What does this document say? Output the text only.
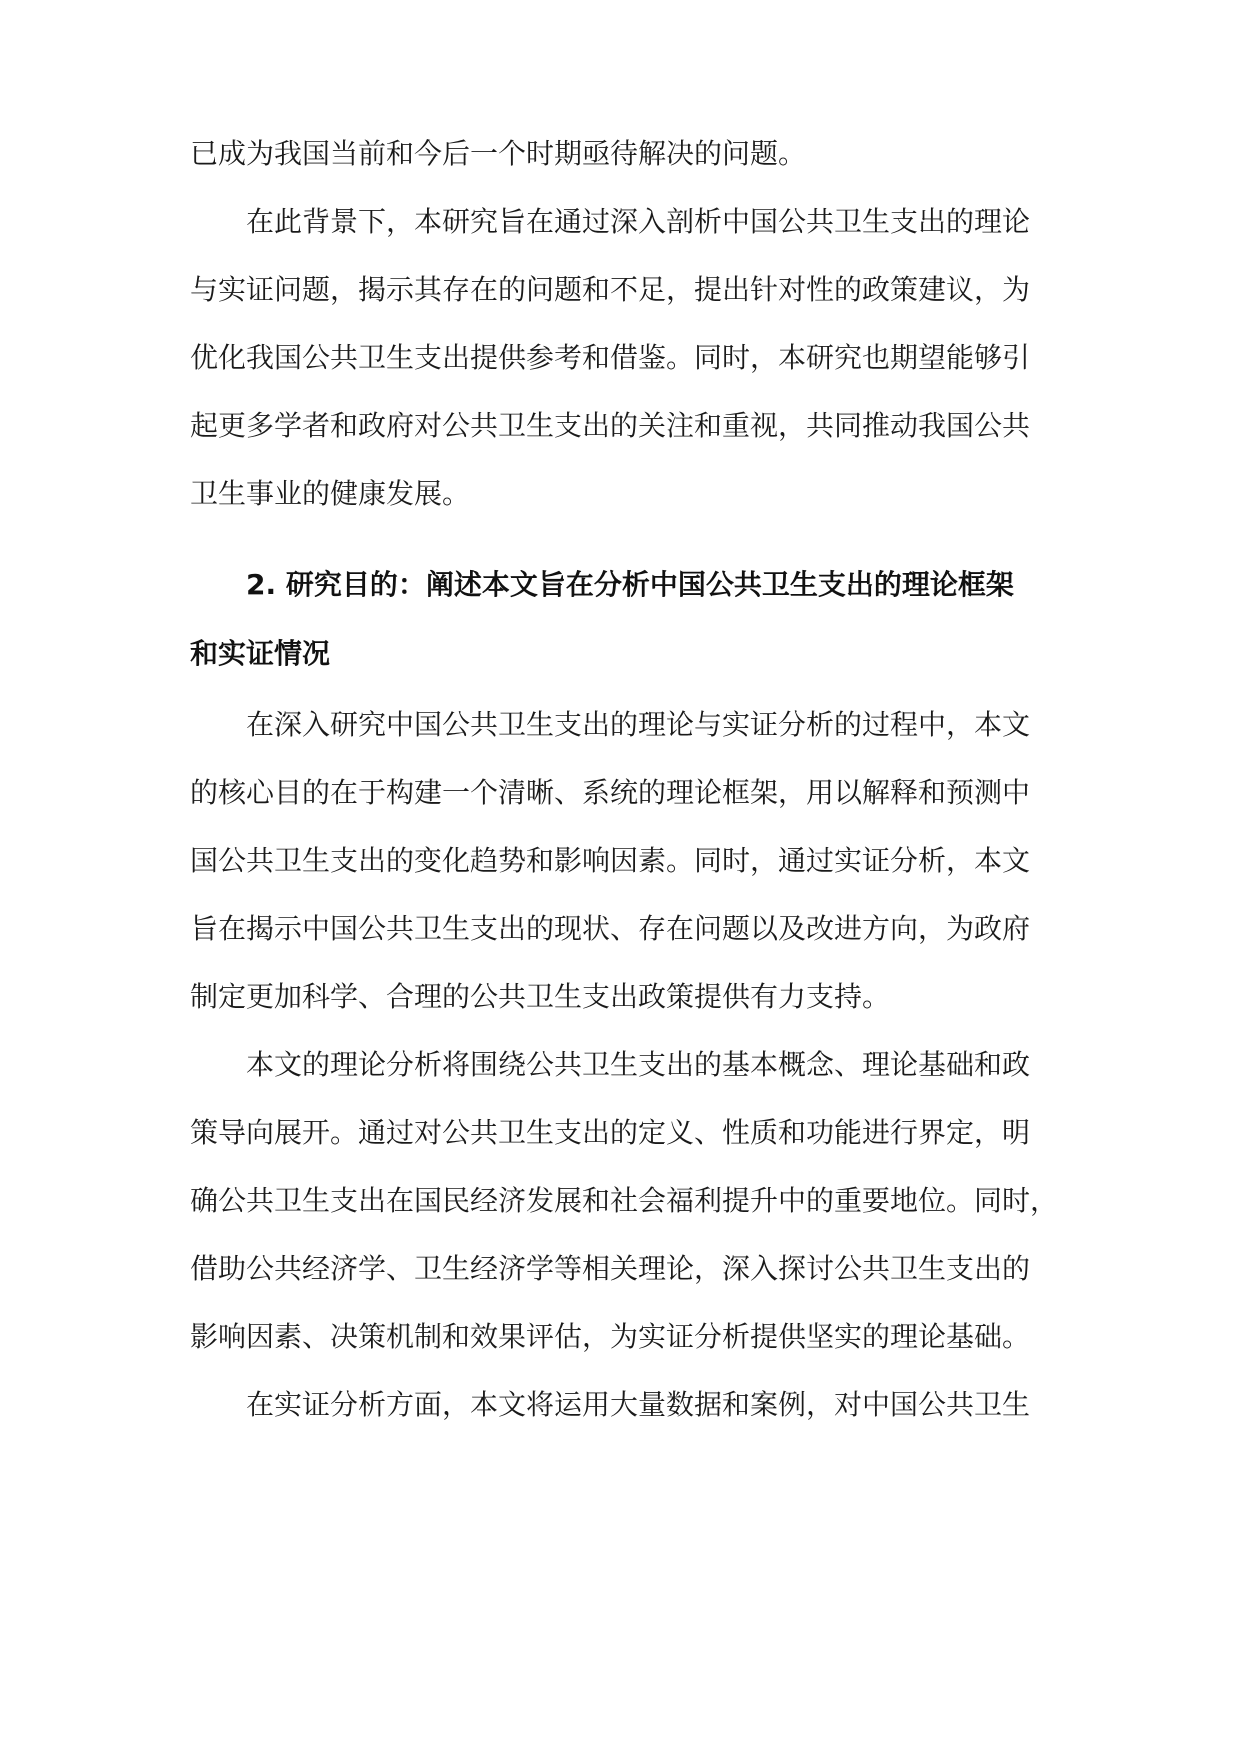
已成为我国当前和今后一个时期亟待解决的问题。
在此背景下，本研究旨在通过深入剖析中国公共卫生支出的理论
与实证问题，揭示其存在的问题和不足，提出针对性的政策建议，为
优化我国公共卫生支出提供参考和借鉴。同时，本研究也期望能够引
起更多学者和政府对公共卫生支出的关注和重视，共同推动我国公共
卫生事业的健康发展。
2. 研究目的：阐述本文旨在分析中国公共卫生支出的理论框架
和实证情况
在深入研究中国公共卫生支出的理论与实证分析的过程中，本文
的核心目的在于构建一个清晰、系统的理论框架，用以解释和预测中
国公共卫生支出的变化趋势和影响因素。同时，通过实证分析，本文
旨在揭示中国公共卫生支出的现状、存在问题以及改进方向，为政府
制定更加科学、合理的公共卫生支出政策提供有力支持。
本文的理论分析将围绕公共卫生支出的基本概念、理论基础和政
策导向展开。通过对公共卫生支出的定义、性质和功能进行界定，明
确公共卫生支出在国民经济发展和社会福利提升中的重要地位。同时，
借助公共经济学、卫生经济学等相关理论，深入探讨公共卫生支出的
影响因素、决策机制和效果评估，为实证分析提供坚实的理论基础。
在实证分析方面，本文将运用大量数据和案例，对中国公共卫生
